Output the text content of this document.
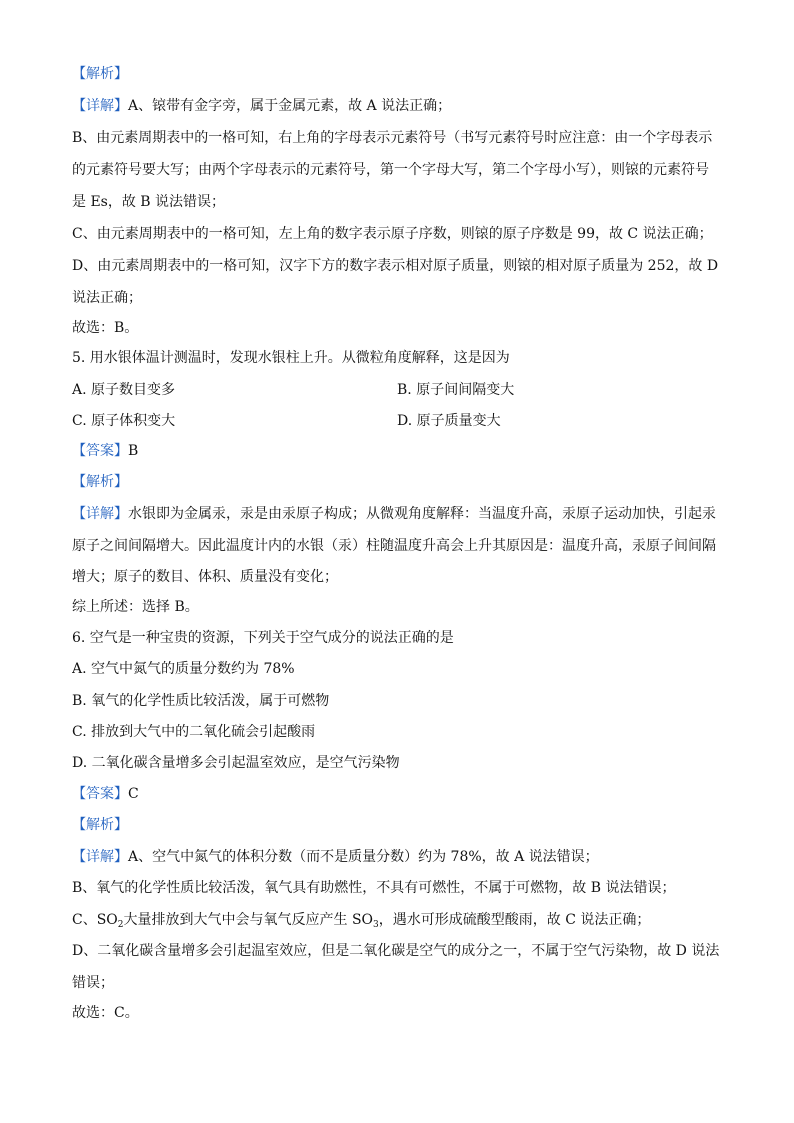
【解析】
【详解】A、锿带有金字旁，属于金属元素，故 A 说法正确；
B、由元素周期表中的一格可知，右上角的字母表示元素符号（书写元素符号时应注意：由一个字母表示
的元素符号要大写；由两个字母表示的元素符号，第一个字母大写，第二个字母小写），则锿的元素符号
是 Es，故 B 说法错误；
C、由元素周期表中的一格可知，左上角的数字表示原子序数，则锿的原子序数是 99，故 C 说法正确；
D、由元素周期表中的一格可知，汉字下方的数字表示相对原子质量，则锿的相对原子质量为 252，故 D
说法正确；
故选：B。
5. 用水银体温计测温时，发现水银柱上升。从微粒角度解释，这是因为
A. 原子数目变多	B. 原子间间隔变大
C. 原子体积变大	D. 原子质量变大
【答案】B
【解析】
【详解】水银即为金属汞，汞是由汞原子构成；从微观角度解释：当温度升高，汞原子运动加快，引起汞
原子之间间隔增大。因此温度计内的水银（汞）柱随温度升高会上升其原因是：温度升高，汞原子间间隔
增大；原子的数目、体积、质量没有变化；
综上所述：选择 B。
6. 空气是一种宝贵的资源，下列关于空气成分的说法正确的是
A. 空气中氮气的质量分数约为 78%
B. 氧气的化学性质比较活泼，属于可燃物
C. 排放到大气中的二氧化硫会引起酸雨
D. 二氧化碳含量增多会引起温室效应，是空气污染物
【答案】C
【解析】
【详解】A、空气中氮气的体积分数（而不是质量分数）约为 78%，故 A 说法错误；
B、氧气的化学性质比较活泼，氧气具有助燃性，不具有可燃性，不属于可燃物，故 B 说法错误；
C、$SO_2$大量排放到大气中会与氧气反应产生 $SO_3$，遇水可形成硫酸型酸雨，故 C 说法正确；
D、二氧化碳含量增多会引起温室效应，但是二氧化碳是空气的成分之一，不属于空气污染物，故 D 说法
错误；
故选：C。
